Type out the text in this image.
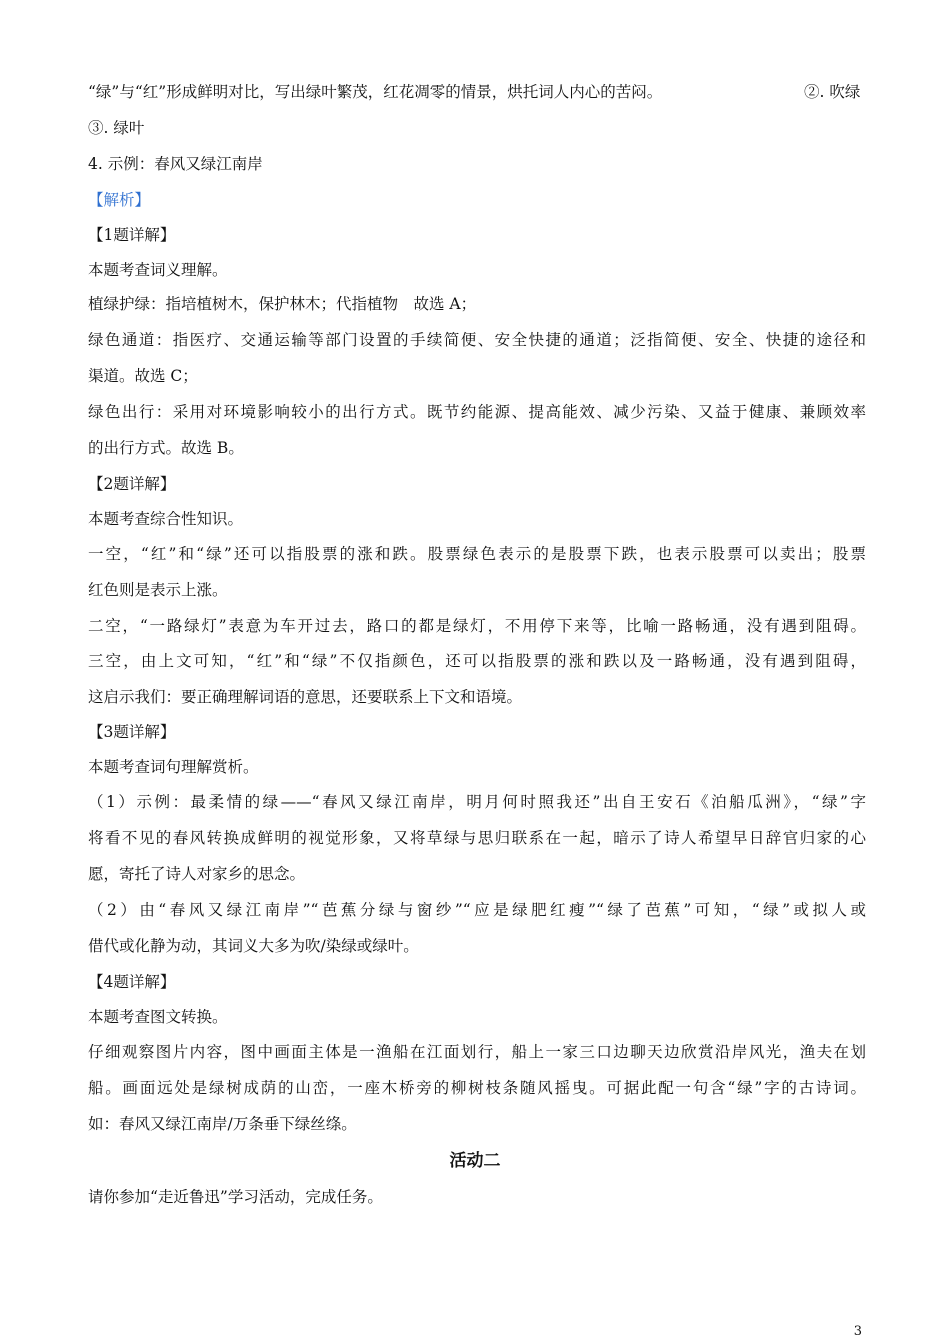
“绿”与“红”形成鲜明对比，写出绿叶繁茂，红花凋零的情景，烘托词人内心的苦闷。	②. 吹绿

③. 绿叶

4. 示例：春风又绿江南岸

【解析】

【1题详解】

本题考查词义理解。

植绿护绿：指培植树木，保护林木；代指植物　故选 A；

绿色通道：指医疗、交通运输等部门设置的手续简便、安全快捷的通道；泛指简便、安全、快捷的途径和

渠道。故选 C；

绿色出行：采用对环境影响较小的出行方式。既节约能源、提高能效、减少污染、又益于健康、兼顾效率

的出行方式。故选 B。

【2题详解】

本题考查综合性知识。

一空，“红”和“绿”还可以指股票的涨和跌。股票绿色表示的是股票下跌，也表示股票可以卖出；股票

红色则是表示上涨。

二空，“一路绿灯”表意为车开过去，路口的都是绿灯，不用停下来等，比喻一路畅通，没有遇到阻碍。

三空，由上文可知，“红”和“绿”不仅指颜色，还可以指股票的涨和跌以及一路畅通，没有遇到阻碍，

这启示我们：要正确理解词语的意思，还要联系上下文和语境。

【3题详解】

本题考查词句理解赏析。

（1）示例：最柔情的绿——“春风又绿江南岸，明月何时照我还”出自王安石《泊船瓜洲》，“绿”字

将看不见的春风转换成鲜明的视觉形象，又将草绿与思归联系在一起，暗示了诗人希望早日辞官归家的心

愿，寄托了诗人对家乡的思念。

（2）由“春风又绿江南岸”“芭蕉分绿与窗纱”“应是绿肥红瘦”“绿了芭蕉”可知，“绿”或拟人或

借代或化静为动，其词义大多为吹/染绿或绿叶。

【4题详解】

本题考查图文转换。

仔细观察图片内容，图中画面主体是一渔船在江面划行，船上一家三口边聊天边欣赏沿岸风光，渔夫在划

船。画面远处是绿树成荫的山峦，一座木桥旁的柳树枝条随风摇曳。可据此配一句含“绿”字的古诗词。

如：春风又绿江南岸/万条垂下绿丝绦。

活动二

请你参加“走近鲁迅”学习活动，完成任务。

3
